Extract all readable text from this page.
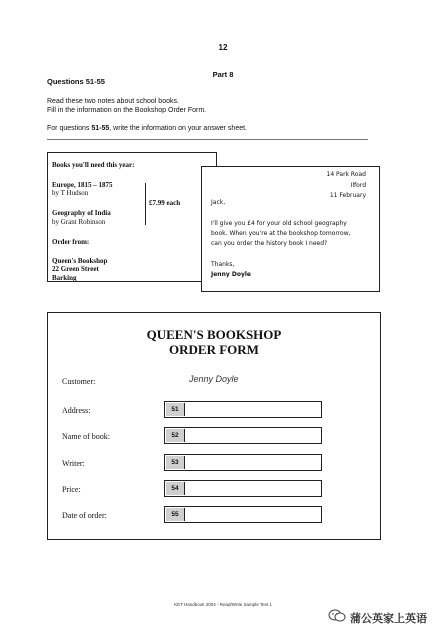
12
Part 8
Questions 51-55
Read these two notes about school books.
Fill in the information on the Bookshop Order Form.
For questions 51-55, write the information on your answer sheet.
Books you'll need this year:
Europe, 1815 – 1875
by T Hudson
Geography of India
by Grant Robinson
£7.99 each
Order from:
Queen's Bookshop
22 Green Street
Barking
14 Park Road
Ilford
11 February
Jack,
I'll give you £4 for your old school geography
book. When you're at the bookshop tomorrow,
can you order the history book I need?
Thanks,
Jenny Doyle
QUEEN'S BOOKSHOP
ORDER FORM
Customer:	Jenny Doyle
Address:	51
Name of book:	52
Writer:	53
Price:	54
Date of order:	55
KET Handbook 2004 - Read/Write Sample Test 1
蒲公英家上英语
